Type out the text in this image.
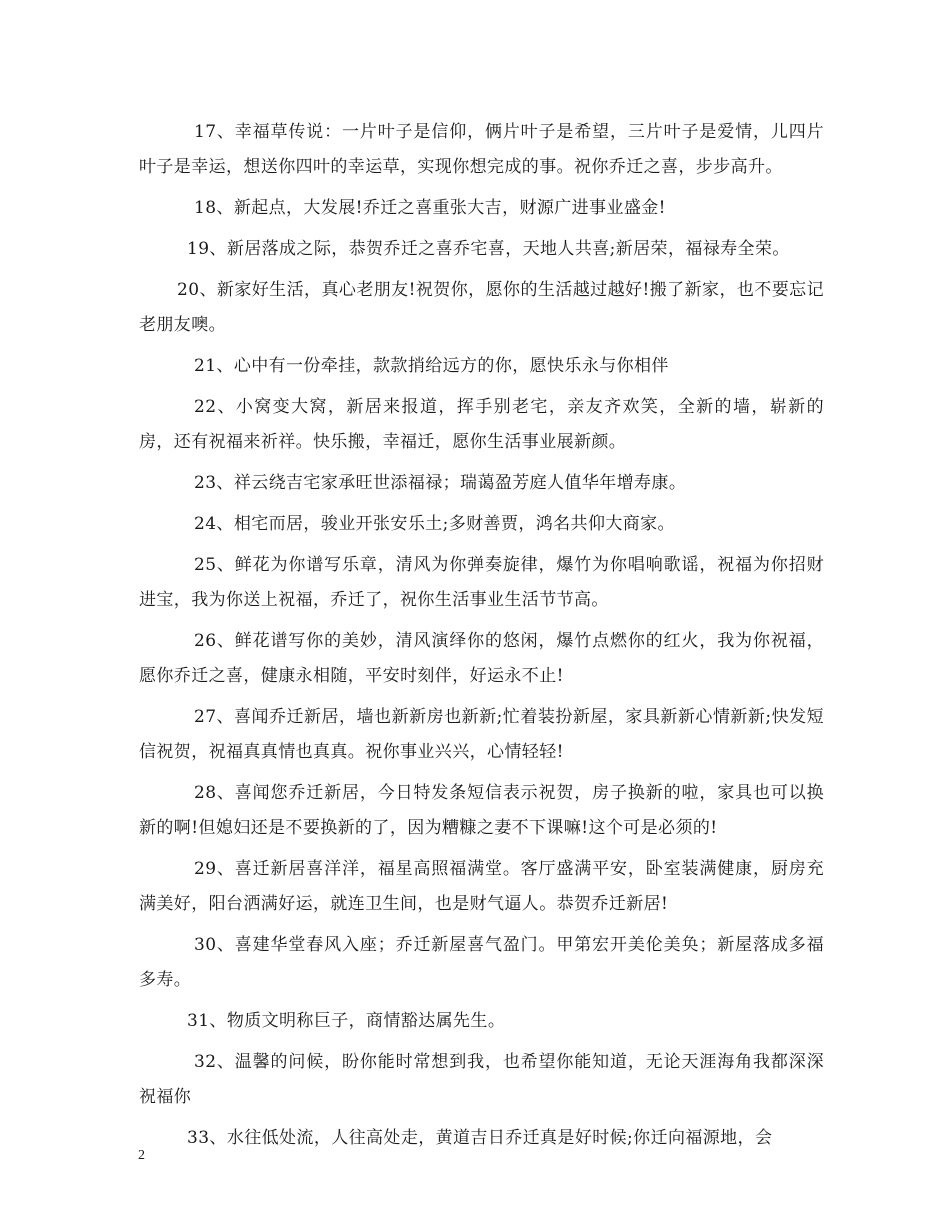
17、幸福草传说：一片叶子是信仰，俩片叶子是希望，三片叶子是爱情，儿四片叶子是幸运，想送你四叶的幸运草，实现你想完成的事。祝你乔迁之喜，步步高升。

18、新起点，大发展!乔迁之喜重张大吉，财源广进事业盛金!

19、新居落成之际，恭贺乔迁之喜乔宅喜，天地人共喜;新居荣，福禄寿全荣。

20、新家好生活，真心老朋友!祝贺你，愿你的生活越过越好!搬了新家，也不要忘记老朋友噢。

21、心中有一份牵挂，款款捎给远方的你，愿快乐永与你相伴

22、小窝变大窝，新居来报道，挥手别老宅，亲友齐欢笑，全新的墙，崭新的房，还有祝福来祈祥。快乐搬，幸福迁，愿你生活事业展新颜。

23、祥云绕吉宅家承旺世添福禄；瑞蔼盈芳庭人值华年增寿康。

24、相宅而居，骏业开张安乐土;多财善贾，鸿名共仰大商家。

25、鲜花为你谱写乐章，清风为你弹奏旋律，爆竹为你唱响歌谣，祝福为你招财进宝，我为你送上祝福，乔迁了，祝你生活事业生活节节高。

26、鲜花谱写你的美妙，清风演绎你的悠闲，爆竹点燃你的红火，我为你祝福，愿你乔迁之喜，健康永相随，平安时刻伴，好运永不止!

27、喜闻乔迁新居，墙也新新房也新新;忙着装扮新屋，家具新新心情新新;快发短信祝贺，祝福真真情也真真。祝你事业兴兴，心情轻轻!

28、喜闻您乔迁新居，今日特发条短信表示祝贺，房子换新的啦，家具也可以换新的啊!但媳妇还是不要换新的了，因为糟糠之妻不下课嘛!这个可是必须的!

29、喜迁新居喜洋洋，福星高照福满堂。客厅盛满平安，卧室装满健康，厨房充满美好，阳台洒满好运，就连卫生间，也是财气逼人。恭贺乔迁新居!

30、喜建华堂春风入座；乔迁新屋喜气盈门。甲第宏开美伦美奂；新屋落成多福多寿。

31、物质文明称巨子，商情豁达属先生。

32、温馨的问候，盼你能时常想到我，也希望你能知道，无论天涯海角我都深深祝福你

33、水往低处流，人往高处走，黄道吉日乔迁真是好时候;你迁向福源地，会

2
